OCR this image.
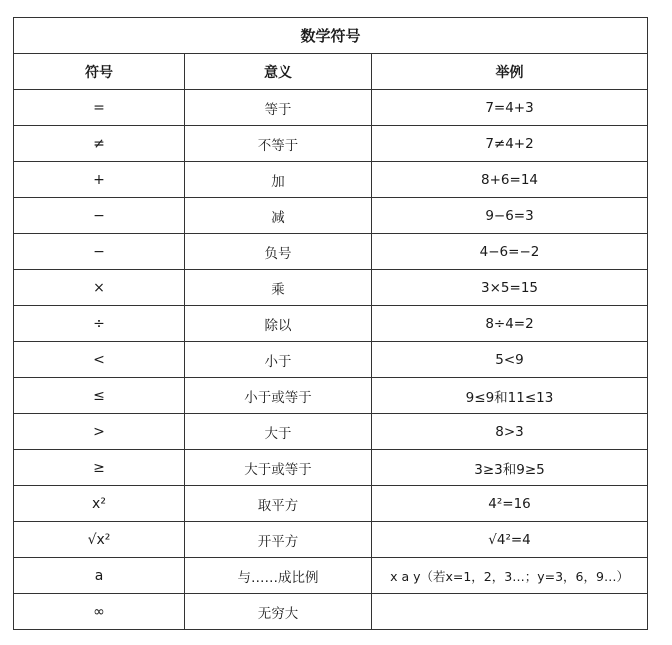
数学符号		
符号	意义	举例
=	等于	7=4+3
≠	不等于	7≠4+2
+	加	8+6=14
−	减	9−6=3
−	负号	4−6=−2
×	乘	3×5=15
÷	除以	8÷4=2
<	小于	5<9
≤	小于或等于	9≤9和11≤13
>	大于	8>3
≥	大于或等于	3≥3和9≥5
x²	取平方	4²=16
√x²	开平方	√4²=4
a	与……成比例	x a y（若x=1，2，3…；y=3，6，9…）
∞	无穷大	
